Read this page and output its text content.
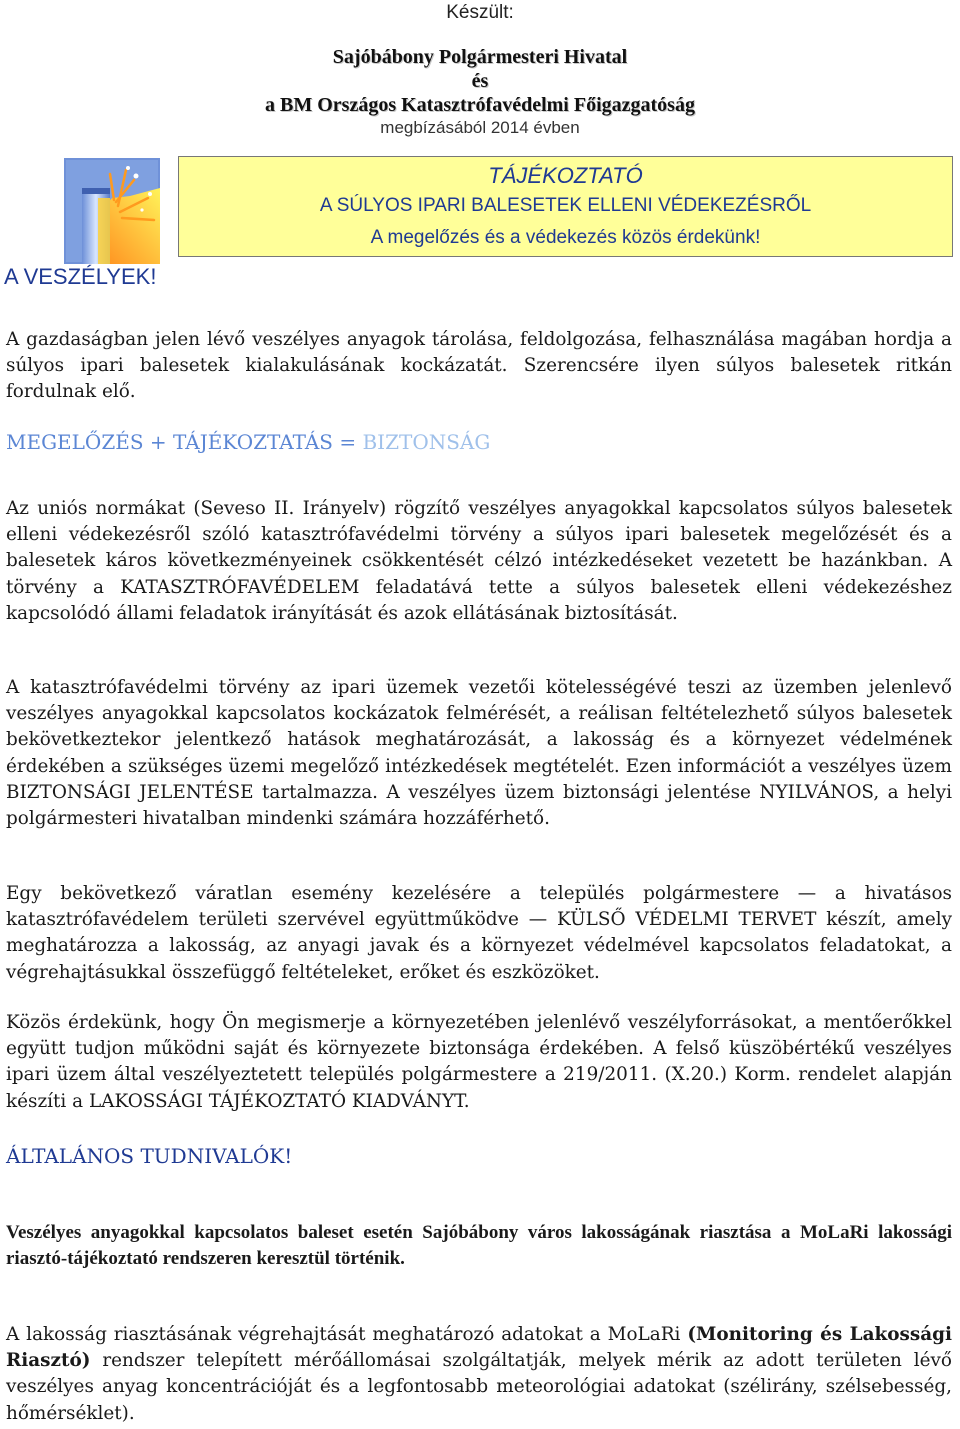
Készült:
Sajóbábony Polgármesteri Hivatal
és
a BM Országos Katasztrófavédelmi Főigazgatóság
megbízásából 2014 évben
TÁJÉKOZTATÓ
A SÚLYOS IPARI BALESETEK ELLENI VÉDEKEZÉSRŐL
A megelőzés és a védekezés közös érdekünk!
A VESZÉLYEK!
A gazdaságban jelen lévő veszélyes anyagok tárolása, feldolgozása, felhasználása magában hordja a súlyos ipari balesetek kialakulásának kockázatát. Szerencsére ilyen súlyos balesetek ritkán fordulnak elő.
MEGELŐZÉS + TÁJÉKOZTATÁS = BIZTONSÁG
Az uniós normákat (Seveso II. Irányelv) rögzítő veszélyes anyagokkal kapcsolatos súlyos balesetek elleni védekezésről szóló katasztrófavédelmi törvény a súlyos ipari balesetek megelőzését és a balesetek káros következményeinek csökkentését célzó intézkedéseket vezetett be hazánkban. A törvény a KATASZTRÓFAVÉDELEM feladatává tette a súlyos balesetek elleni védekezéshez kapcsolódó állami feladatok irányítását és azok ellátásának biztosítását.
A katasztrófavédelmi törvény az ipari üzemek vezetői kötelességévé teszi az üzemben jelenlevő veszélyes anyagokkal kapcsolatos kockázatok felmérését, a reálisan feltételezhető súlyos balesetek bekövetkeztekor jelentkező hatások meghatározását, a lakosság és a környezet védelmének érdekében a szükséges üzemi megelőző intézkedések megtételét. Ezen információt a veszélyes üzem BIZTONSÁGI JELENTÉSE tartalmazza. A veszélyes üzem biztonsági jelentése NYILVÁNOS, a helyi polgármesteri hivatalban mindenki számára hozzáférhető.
Egy bekövetkező váratlan esemény kezelésére a település polgármestere — a hivatásos katasztrófavédelem területi szervével együttműködve — KÜLSŐ VÉDELMI TERVET készít, amely meghatározza a lakosság, az anyagi javak és a környezet védelmével kapcsolatos feladatokat, a végrehajtásukkal összefüggő feltételeket, erőket és eszközöket.
Közös érdekünk, hogy Ön megismerje a környezetében jelenlévő veszélyforrásokat, a mentőerőkkel együtt tudjon működni saját és környezete biztonsága érdekében. A felső küszöbértékű veszélyes ipari üzem által veszélyeztetett település polgármestere a 219/2011. (X.20.) Korm. rendelet alapján készíti a LAKOSSÁGI TÁJÉKOZTATÓ KIADVÁNYT.
ÁLTALÁNOS TUDNIVALÓK!
Veszélyes anyagokkal kapcsolatos baleset esetén Sajóbábony város lakosságának riasztása a MoLaRi lakossági riasztó-tájékoztató rendszeren keresztül történik.
A lakosság riasztásának végrehajtását meghatározó adatokat a MoLaRi (Monitoring és Lakossági Riasztó) rendszer telepített mérőállomásai szolgáltatják, melyek mérik az adott területen lévő veszélyes anyag koncentrációját és a legfontosabb meteorológiai adatokat (szélirány, szélsebesség, hőmérséklet).
